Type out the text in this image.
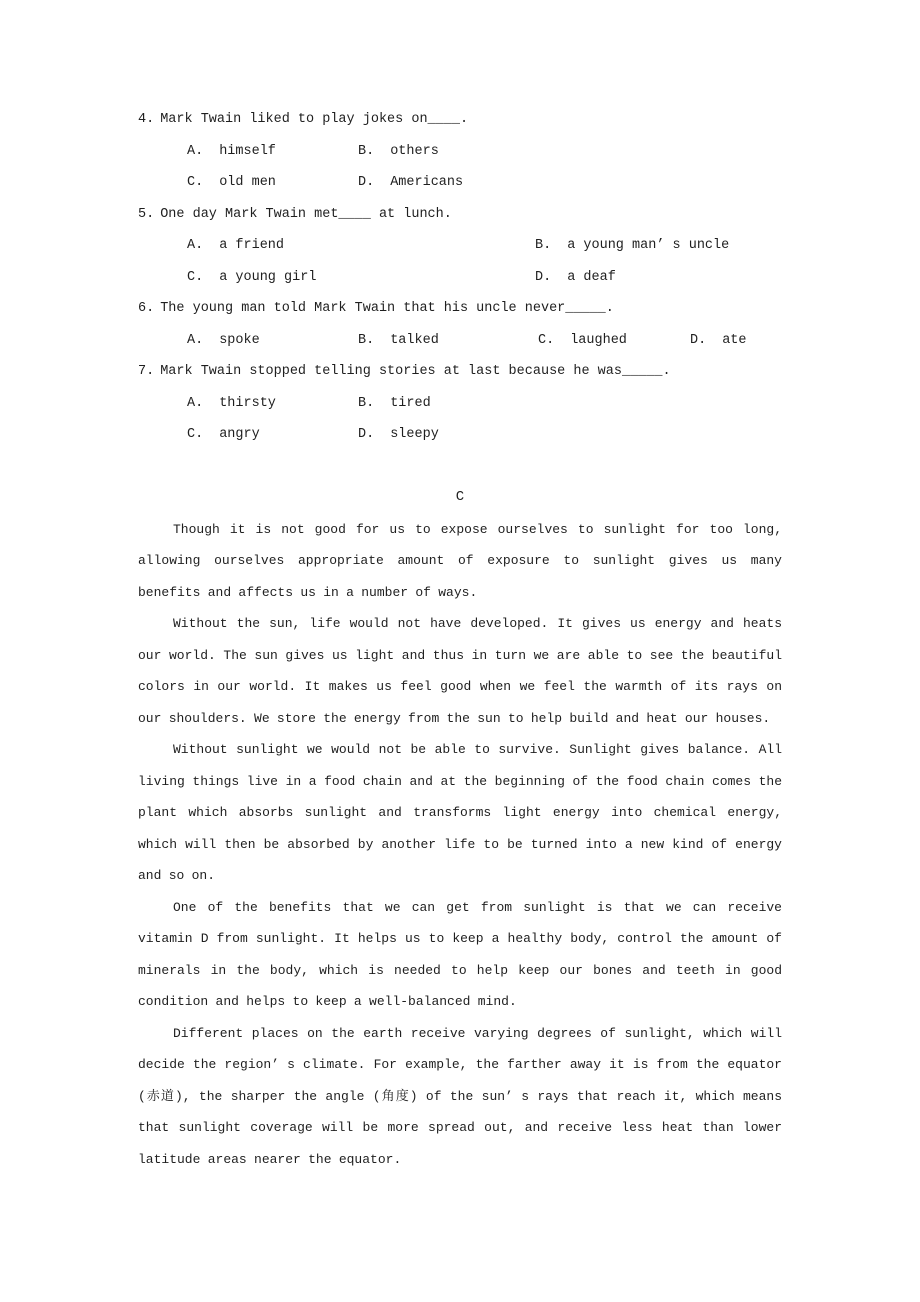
4. Mark Twain liked to play jokes on____.
A. himself	B. others
C. old men	D. Americans
5. One day Mark Twain met____ at lunch.
A. a friend	B. a young man’ s uncle
C. a young girl	D. a deaf
6. The young man told Mark Twain that his uncle never_____.
A. spoke	B. talked	C. laughed	D. ate
7. Mark Twain stopped telling stories at last because he was_____.
A. thirsty	B. tired
C. angry	D. sleepy
C

Though it is not good for us to expose ourselves to sunlight for too long, allowing ourselves appropriate amount of exposure to sunlight gives us many benefits and affects us in a number of ways.

Without the sun, life would not have developed. It gives us energy and heats our world. The sun gives us light and thus in turn we are able to see the beautiful colors in our world. It makes us feel good when we feel the warmth of its rays on our shoulders. We store the energy from the sun to help build and heat our houses.

Without sunlight we would not be able to survive. Sunlight gives balance. All living things live in a food chain and at the beginning of the food chain comes the plant which absorbs sunlight and transforms light energy into chemical energy, which will then be absorbed by another life to be turned into a new kind of energy and so on.

One of the benefits that we can get from sunlight is that we can receive vitamin D from sunlight. It helps us to keep a healthy body, control the amount of minerals in the body, which is needed to help keep our bones and teeth in good condition and helps to keep a well-balanced mind.

Different places on the earth receive varying degrees of sunlight, which will decide the region’ s climate. For example, the farther away it is from the equator (赤道), the sharper the angle (角度) of the sun’ s rays that reach it, which means that sunlight coverage will be more spread out, and receive less heat than lower latitude areas nearer the equator.
